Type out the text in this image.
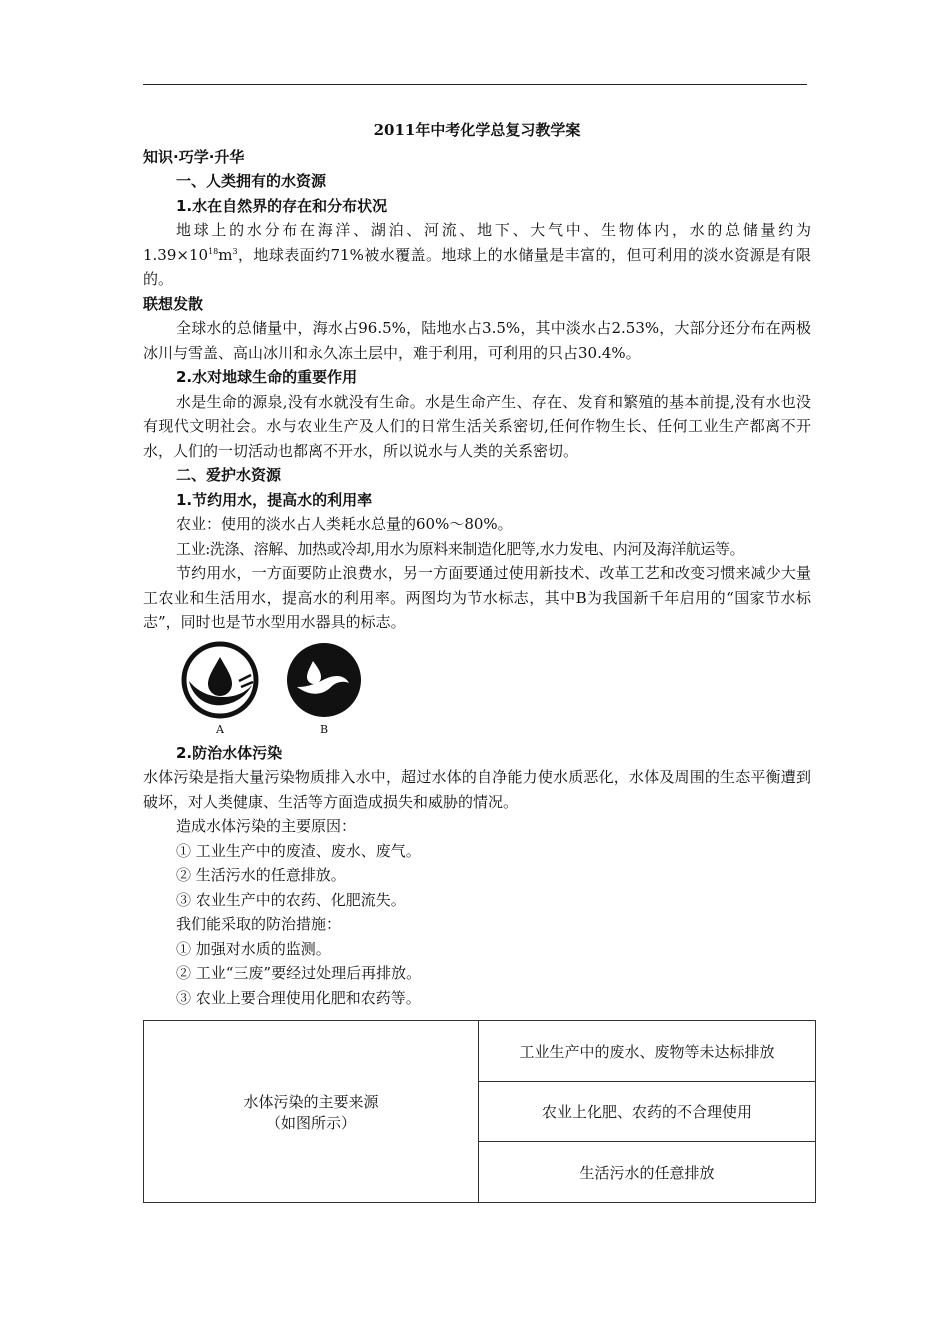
2011年中考化学总复习教学案
知识·巧学·升华
一、人类拥有的水资源
1.水在自然界的存在和分布状况
地球上的水分布在海洋、湖泊、河流、地下、大气中、生物体内，水的总储量约为$1.39\times 10^{18}m^3$，地球表面约71%被水覆盖。地球上的水储量是丰富的，但可利用的淡水资源是有限的。
联想发散
全球水的总储量中，海水占96.5%，陆地水占3.5%，其中淡水占2.53%，大部分还分布在两极冰川与雪盖、高山冰川和永久冻土层中，难于利用，可利用的只占30.4%。
2.水对地球生命的重要作用
水是生命的源泉,没有水就没有生命。水是生命产生、存在、发育和繁殖的基本前提,没有水也没有现代文明社会。水与农业生产及人们的日常生活关系密切,任何作物生长、任何工业生产都离不开水，人们的一切活动也都离不开水，所以说水与人类的关系密切。
二、爱护水资源
1.节约用水，提高水的利用率
农业：使用的淡水占人类耗水总量的60%～80%。
工业:洗涤、溶解、加热或冷却,用水为原料来制造化肥等,水力发电、内河及海洋航运等。
节约用水，一方面要防止浪费水，另一方面要通过使用新技术、改革工艺和改变习惯来减少大量工农业和生活用水，提高水的利用率。两图均为节水标志，其中B为我国新千年启用的“国家节水标志”，同时也是节水型用水器具的标志。
A	B
2.防治水体污染
水体污染是指大量污染物质排入水中，超过水体的自净能力使水质恶化，水体及周围的生态平衡遭到破坏，对人类健康、生活等方面造成损失和威胁的情况。
造成水体污染的主要原因：
① 工业生产中的废渣、废水、废气。
② 生活污水的任意排放。
③ 农业生产中的农药、化肥流失。
我们能采取的防治措施：
① 加强对水质的监测。
② 工业“三废”要经过处理后再排放。
③ 农业上要合理使用化肥和农药等。
水体污染的主要来源
（如图所示）
	工业生产中的废水、废物等未达标排放
农业上化肥、农药的不合理使用
生活污水的任意排放
